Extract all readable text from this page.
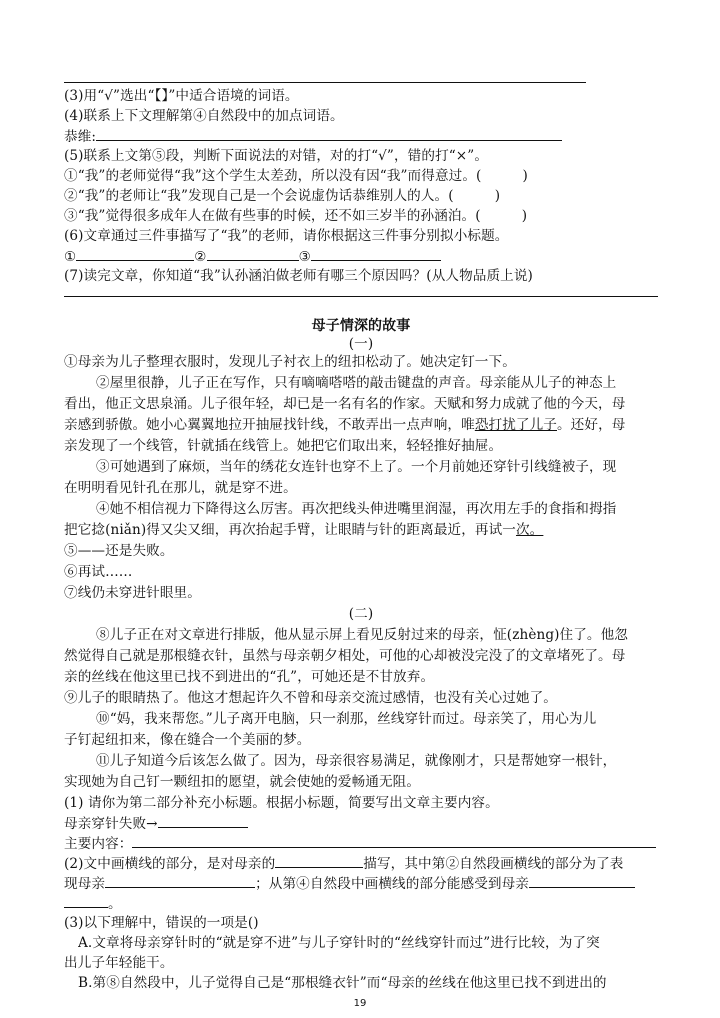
(3)用“√”选出“【】”中适合语境的词语。
(4)联系上下文理解第④自然段中的加点词语。
恭维:
(5)联系上文第⑤段，判断下面说法的对错，对的打“√”，错的打“×”。
①“我”的老师觉得“我”这个学生太差劲，所以没有因“我”而得意过。(　　　)
②“我”的老师让“我”发现自己是一个会说虚伪话恭维别人的人。(　　　)
③“我”觉得很多成年人在做有些事的时候，还不如三岁半的孙涵泊。(　　　)
(6)文章通过三件事描写了“我”的老师，请你根据这三件事分别拟小标题。
①	②	③
(7)读完文章，你知道“我”认孙涵泊做老师有哪三个原因吗？(从人物品质上说)
母子情深的故事
(一)
①母亲为儿子整理衣服时，发现儿子衬衣上的纽扣松动了。她决定钉一下。
②屋里很静，儿子正在写作，只有嘀嘀嗒嗒的敲击键盘的声音。母亲能从儿子的神态上
看出，他正文思泉涌。儿子很年轻，却已是一名有名的作家。天赋和努力成就了他的今天，母
亲感到骄傲。她小心翼翼地拉开抽屉找针线，不敢弄出一点声响，唯恐打扰了儿子。还好，母
亲发现了一个线管，针就插在线管上。她把它们取出来，轻轻推好抽屉。
③可她遇到了麻烦，当年的绣花女连针也穿不上了。一个月前她还穿针引线缝被子，现
在明明看见针孔在那儿，就是穿不进。
④她不相信视力下降得这么厉害。再次把线头伸进嘴里润湿，再次用左手的食指和拇指
把它捻(niǎn)得又尖又细，再次抬起手臂，让眼睛与针的距离最近，再试一次。
⑤——还是失败。
⑥再试……
⑦线仍未穿进针眼里。
(二)
⑧儿子正在对文章进行排版，他从显示屏上看见反射过来的母亲，怔(zhèng)住了。他忽
然觉得自己就是那根缝衣针，虽然与母亲朝夕相处，可他的心却被没完没了的文章堵死了。母
亲的丝线在他这里已找不到进出的“孔”，可她还是不甘放弃。
⑨儿子的眼睛热了。他这才想起许久不曾和母亲交流过感情，也没有关心过她了。
⑩“妈，我来帮您。”儿子离开电脑，只一刹那，丝线穿针而过。母亲笑了，用心为儿
子钉起纽扣来，像在缝合一个美丽的梦。
⑪儿子知道今后该怎么做了。因为，母亲很容易满足，就像刚才，只是帮她穿一根针，
实现她为自己钉一颗纽扣的愿望，就会使她的爱畅通无阻。
(1) 请你为第二部分补充小标题。根据小标题，简要写出文章主要内容。
母亲穿针失败→
主要内容：
(2)文中画横线的部分，是对母亲的	描写，其中第②自然段画横线的部分为了表
现母亲	；从第④自然段中画横线的部分能感受到母亲
。
(3)以下理解中，错误的一项是()
A.文章将母亲穿针时的“就是穿不进”与儿子穿针时的“丝线穿针而过”进行比较，为了突
出儿子年轻能干。
B.第⑧自然段中，儿子觉得自己是“那根缝衣针”而“母亲的丝线在他这里已找不到进出的
19
